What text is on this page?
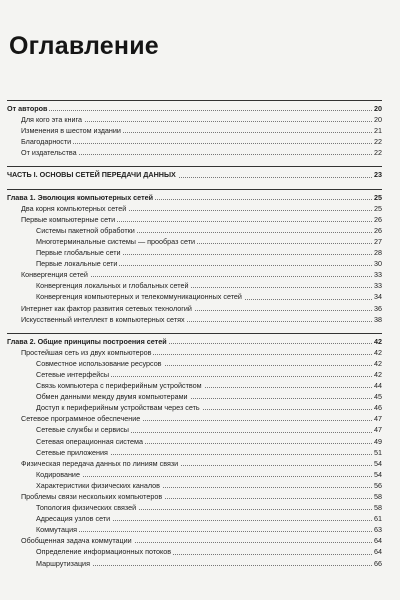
Оглавление
От авторов	20
Для кого эта книга	20
Изменения в шестом издании	21
Благодарности	22
От издательства	22
ЧАСТЬ I. ОСНОВЫ СЕТЕЙ ПЕРЕДАЧИ ДАННЫХ	23
Глава 1. Эволюция компьютерных сетей	25
Два корня компьютерных сетей	25
Первые компьютерные сети	26
Системы пакетной обработки	26
Многотерминальные системы — прообраз сети	27
Первые глобальные сети	28
Первые локальные сети	30
Конвергенция сетей	33
Конвергенция локальных и глобальных сетей	33
Конвергенция компьютерных и телекоммуникационных сетей	34
Интернет как фактор развития сетевых технологий	36
Искусственный интеллект в компьютерных сетях	38
Глава 2. Общие принципы построения сетей	42
Простейшая сеть из двух компьютеров	42
Совместное использование ресурсов	42
Сетевые интерфейсы	42
Связь компьютера с периферийным устройством	44
Обмен данными между двумя компьютерами	45
Доступ к периферийным устройствам через сеть	46
Сетевое программное обеспечение	47
Сетевые службы и сервисы	47
Сетевая операционная система	49
Сетевые приложения	51
Физическая передача данных по линиям связи	54
Кодирование	54
Характеристики физических каналов	56
Проблемы связи нескольких компьютеров	58
Топология физических связей	58
Адресация узлов сети	61
Коммутация	63
Обобщенная задача коммутации	64
Определение информационных потоков	64
Маршрутизация	66
